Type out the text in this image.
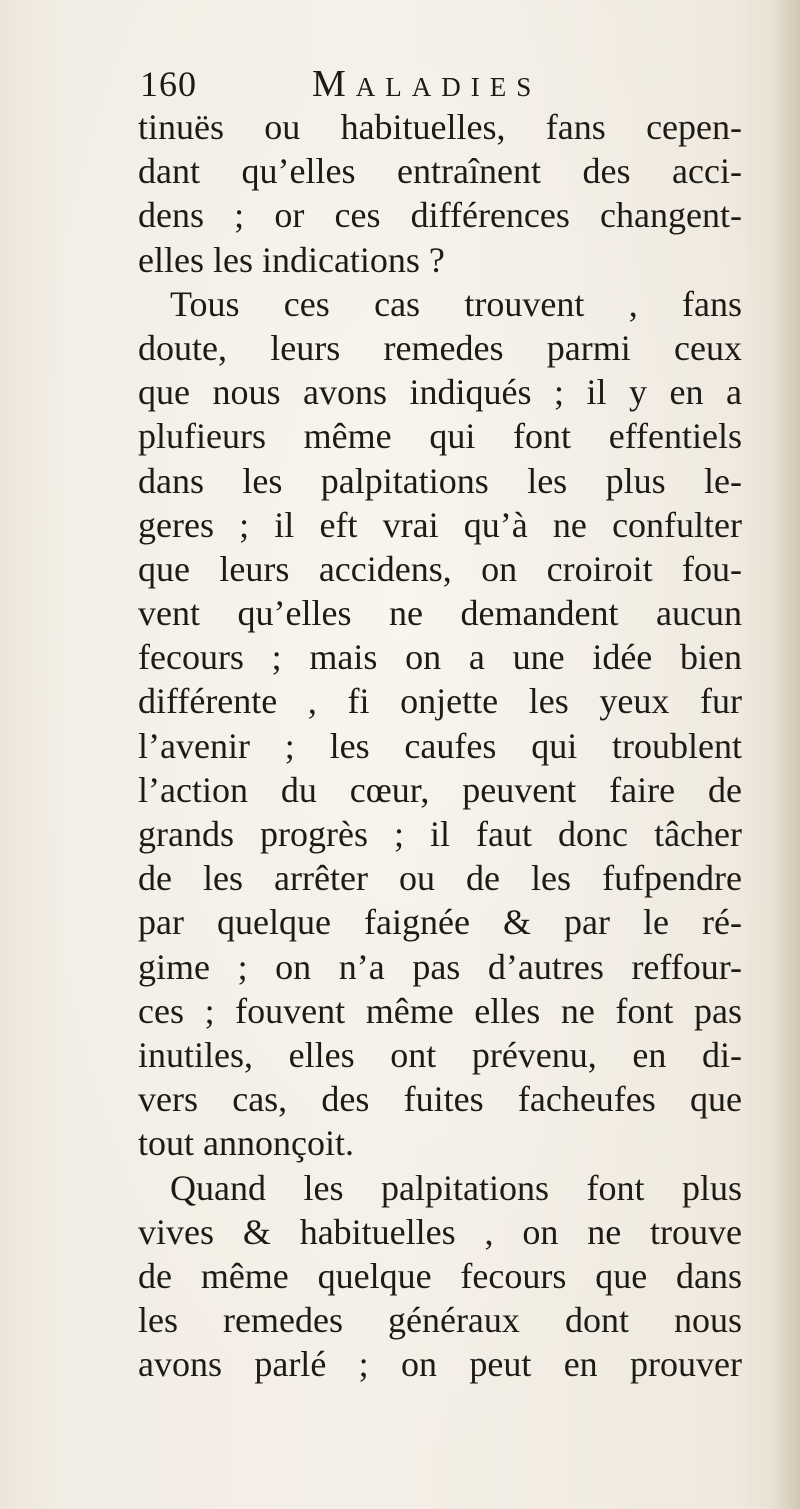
160	Maladies
tinuës ou habituelles, fans cepen-
dant qu’elles entraînent des acci-
dens ; or ces différences changent-
elles les indications ?
Tous ces cas trouvent , fans
doute, leurs remedes parmi ceux
que nous avons indiqués ; il y en a
plufieurs même qui font effentiels
dans les palpitations les plus le-
geres ; il eft vrai qu’à ne confulter
que leurs accidens, on croiroit fou-
vent qu’elles ne demandent aucun
fecours ; mais on a une idée bien
différente , fi onjette les yeux fur
l’avenir ; les caufes qui troublent
l’action du cœur, peuvent faire de
grands progrès ; il faut donc tâcher
de les arrêter ou de les fufpendre
par quelque faignée & par le ré-
gime ; on n’a pas d’autres reffour-
ces ; fouvent même elles ne font pas
inutiles, elles ont prévenu, en di-
vers cas, des fuites facheufes que
tout annonçoit.
Quand les palpitations font plus
vives & habituelles , on ne trouve
de même quelque fecours que dans
les remedes généraux dont nous
avons parlé ; on peut en prouver
